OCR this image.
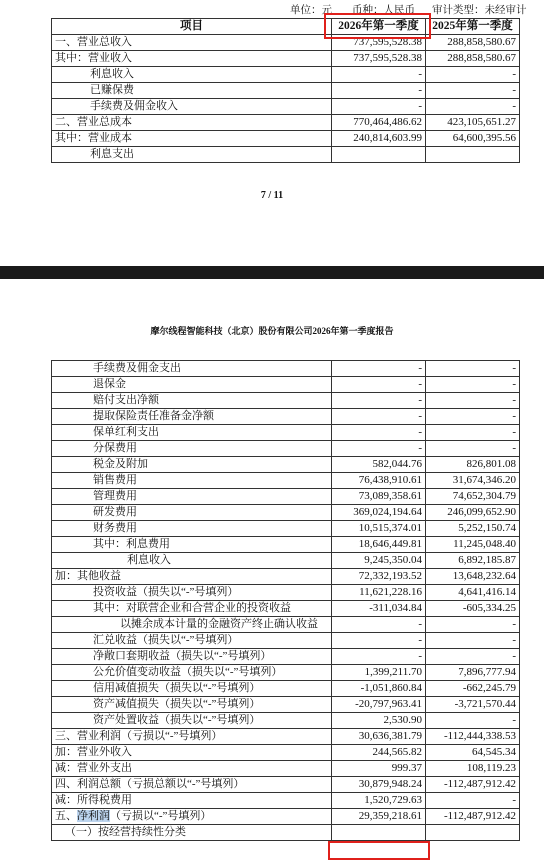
单位：元 币种：人民币 审计类型：未经审计
项目	2026年第一季度	2025年第一季度
一、营业总收入	737,595,528.38	288,858,580.67
其中：营业收入	737,595,528.38	288,858,580.67
利息收入	-	-
已赚保费	-	-
手续费及佣金收入	-	-
二、营业总成本	770,464,486.62	423,105,651.27
其中：营业成本	240,814,603.99	64,600,395.56
利息支出		
7 / 11
摩尔线程智能科技（北京）股份有限公司2026年第一季度报告
手续费及佣金支出	-	-
退保金	-	-
赔付支出净额	-	-
提取保险责任准备金净额	-	-
保单红利支出	-	-
分保费用	-	-
税金及附加	582,044.76	826,801.08
销售费用	76,438,910.61	31,674,346.20
管理费用	73,089,358.61	74,652,304.79
研发费用	369,024,194.64	246,099,652.90
财务费用	10,515,374.01	5,252,150.74
其中：利息费用	18,646,449.81	11,245,048.40
利息收入	9,245,350.04	6,892,185.87
加：其他收益	72,332,193.52	13,648,232.64
投资收益（损失以“-”号填列）	11,621,228.16	4,641,416.14
其中：对联营企业和合营企业的投资收益	-311,034.84	-605,334.25
以摊余成本计量的金融资产终止确认收益	-	-
汇兑收益（损失以“-”号填列）	-	-
净敞口套期收益（损失以“-”号填列）	-	-
公允价值变动收益（损失以“-”号填列）	1,399,211.70	7,896,777.94
信用减值损失（损失以“-”号填列）	-1,051,860.84	-662,245.79
资产减值损失（损失以“-”号填列）	-20,797,963.41	-3,721,570.44
资产处置收益（损失以“-”号填列）	2,530.90	-
三、营业利润（亏损以“-”号填列）	30,636,381.79	-112,444,338.53
加：营业外收入	244,565.82	64,545.34
减：营业外支出	999.37	108,119.23
四、利润总额（亏损总额以“-”号填列）	30,879,948.24	-112,487,912.42
减：所得税费用	1,520,729.63	-
五、净利润（亏损以“-”号填列）	29,359,218.61	-112,487,912.42
（一）按经营持续性分类		
